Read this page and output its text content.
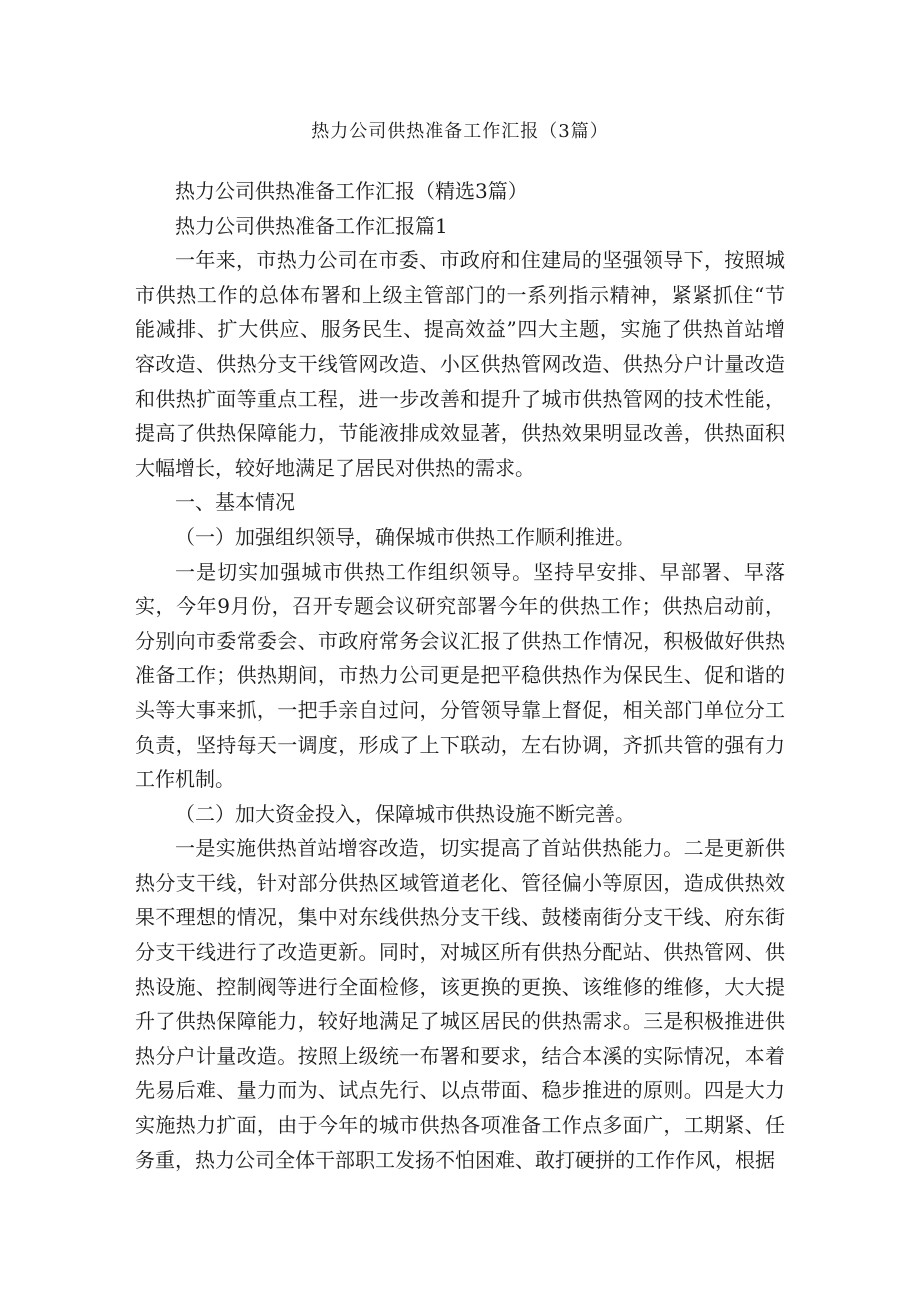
热力公司供热准备工作汇报（3篇）

热力公司供热准备工作汇报（精选3篇）

热力公司供热准备工作汇报篇1

一年来，市热力公司在市委、市政府和住建局的坚强领导下，按照城市供热工作的总体布署和上级主管部门的一系列指示精神，紧紧抓住“节能减排、扩大供应、服务民生、提高效益”四大主题，实施了供热首站增容改造、供热分支干线管网改造、小区供热管网改造、供热分户计量改造和供热扩面等重点工程，进一步改善和提升了城市供热管网的技术性能，提高了供热保障能力，节能液排成效显著，供热效果明显改善，供热面积大幅增长，较好地满足了居民对供热的需求。

一、基本情况

（一）加强组织领导，确保城市供热工作顺利推进。

一是切实加强城市供热工作组织领导。坚持早安排、早部署、早落实，今年9月份，召开专题会议研究部署今年的供热工作；供热启动前，分别向市委常委会、市政府常务会议汇报了供热工作情况，积极做好供热准备工作；供热期间，市热力公司更是把平稳供热作为保民生、促和谐的头等大事来抓，一把手亲自过问，分管领导靠上督促，相关部门单位分工负责，坚持每天一调度，形成了上下联动，左右协调，齐抓共管的强有力工作机制。

（二）加大资金投入，保障城市供热设施不断完善。

一是实施供热首站增容改造，切实提高了首站供热能力。二是更新供热分支干线，针对部分供热区域管道老化、管径偏小等原因，造成供热效果不理想的情况，集中对东线供热分支干线、鼓楼南街分支干线、府东街分支干线进行了改造更新。同时，对城区所有供热分配站、供热管网、供热设施、控制阀等进行全面检修，该更换的更换、该维修的维修，大大提升了供热保障能力，较好地满足了城区居民的供热需求。三是积极推进供热分户计量改造。按照上级统一布署和要求，结合本溪的实际情况，本着先易后难、量力而为、试点先行、以点带面、稳步推进的原则。四是大力实施热力扩面，由于今年的城市供热各项准备工作点多面广，工期紧、任务重，热力公司全体干部职工发扬不怕困难、敢打硬拼的工作作风，根据
